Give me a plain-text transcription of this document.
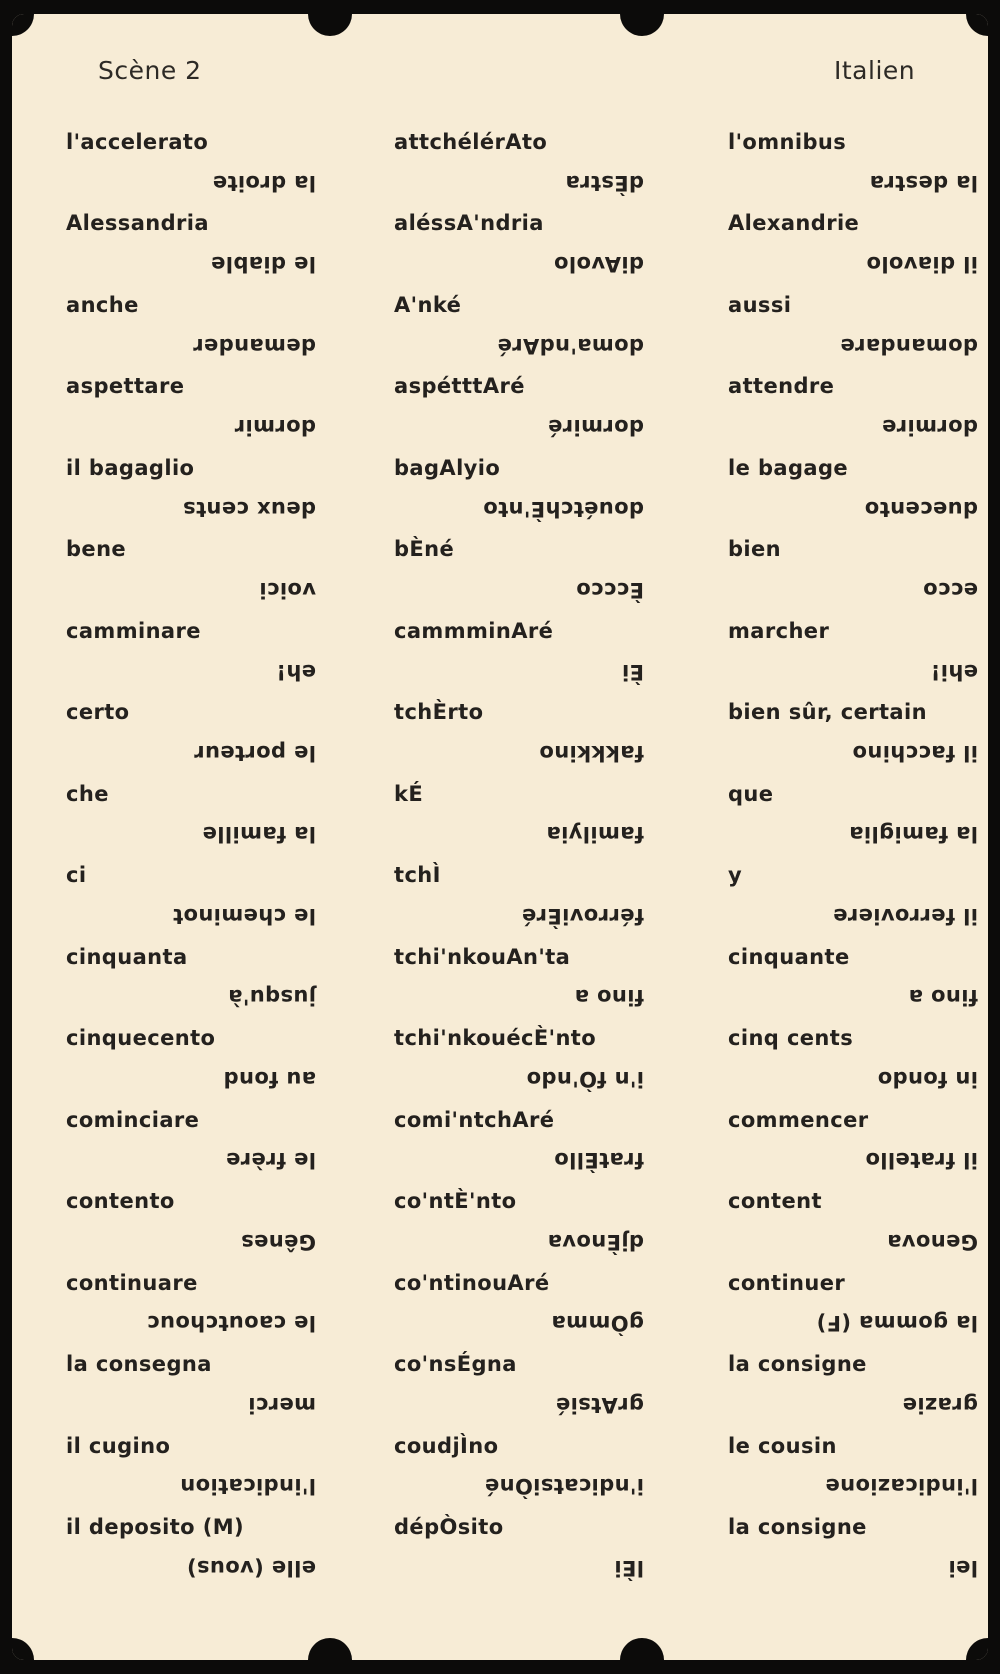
Scène 2	Italien
l'accelerato
la droite
Alessandria
le diable
anche
demander
aspettare
dormir
il bagaglio
deux cents
bene
voici
camminare
eh!
certo
le porteur
che
la famille
ci
le cheminot
cinquanta
jusqu'à
cinquecento
au fond
cominciare
le frère
contento
Gênes
continuare
le caoutchouc
la consegna
merci
il cugino
l'indication
il deposito (M)
elle (vous)
attchélérAto
dÈstra
aléssA'ndria
diAvolo
A'nké
doma'ndAré
aspétttAré
dormiré
bagAlyio
douétchÈ'nto
bÈné
Èccco
cammminAré
Èi
tchÈrto
fakkkino
kÉ
familyia
tchÌ
férroviÈré
tchi'nkouAn'ta
fino a
tchi'nkouécÈ'nto
i'n fÒ'ndo
comi'ntchAré
fratÈllo
co'ntÈ'nto
djÈnova
co'ntinouAré
gÒmma
co'nsÉgna
grAtsié
coudjÌno
i'ndicatsiÒné
dépÒsito
lÈi
l'omnibus
la destra
Alexandrie
il diavolo
aussi
domandare
attendre
dormire
le bagage
duecento
bien
ecco
marcher
ehi!
bien sûr, certain
il facchino
que
la famiglia
y
il ferroviere
cinquante
fino a
cinq cents
in fondo
commencer
il fratello
content
Genova
continuer
la gomma (F)
la consigne
grazie
le cousin
l'indicazione
la consigne
lei
